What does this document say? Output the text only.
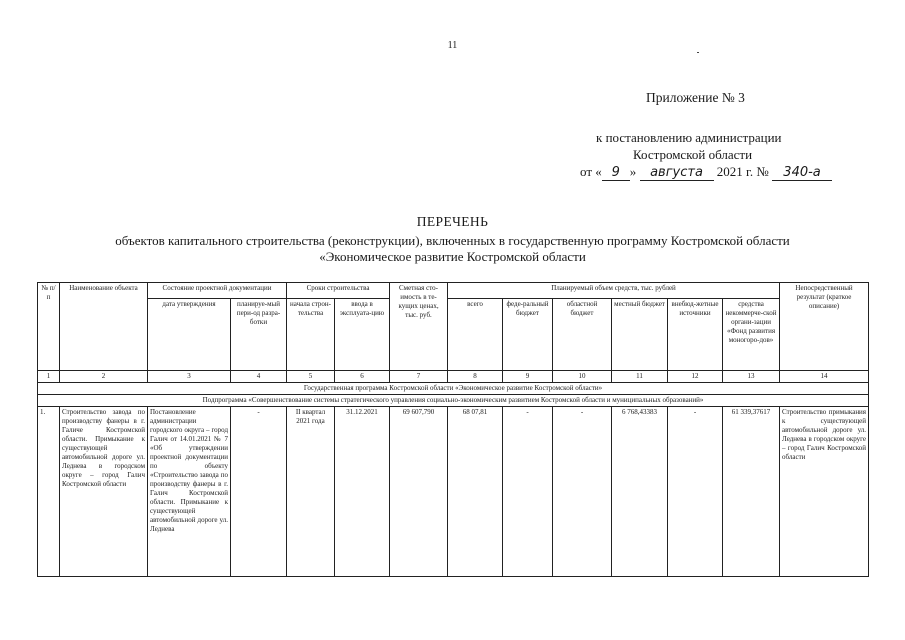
11
Приложение № 3
к постановлению администрации
Костромской области
от « 9 » августа 2021 г. № 340-а
ПЕРЕЧЕНЬ
объектов капитального строительства (реконструкции), включенных в государственную программу Костромской области
«Экономическое развитие Костромской области
№ п/п	Наименование объекта	Состояние проектной документации		Сроки строительства		Сметная сто-имость в те-кущих ценах, тыс. руб.	Планируемый объем средств, тыс. рублей						Непосредственный результат (краткое описание)
		дата утверждения	планируе-мый пери-од разра-ботки	начала строн-тельства	ввода в эксплуата-цию		всего	феде-ральный бюджет	областной бюджет	местный бюджет	внебюд-жетные источники	средства некоммерче-ской органи-зации «Фонд развития моногоро-дов»	
1	2	3	4	5	6	7	8	9	10	11	12	13	14
Государственная программа Костромской области «Экономическое развитие Костромской области»													
Подпрограмма «Совершенствование системы стратегического управления социально-экономическим развитием Костромской области и муниципальных образований»													
1.	Строительство завода по производству фанеры в г. Галиче Костромской области. Примыкание к существующей автомобильной дороге ул. Леднева в городском округе – город Галич Костромской области	Постановление администрации городского округа – город Галич от 14.01.2021 № 7 «Об утверждении проектной документации по объекту «Строительство завода по производству фанеры в г. Галич Костромской области. Примыкание к существующей автомобильной дороге ул. Леднева	-	II квартал 2021 года	31.12.2021	69 607,790	68 07,81	-	-	6 768,43383	-	61 339,37617	Строительство примыкания к существующей автомобильной дороге ул. Леднева в городском округе – город Галич Костромской области
